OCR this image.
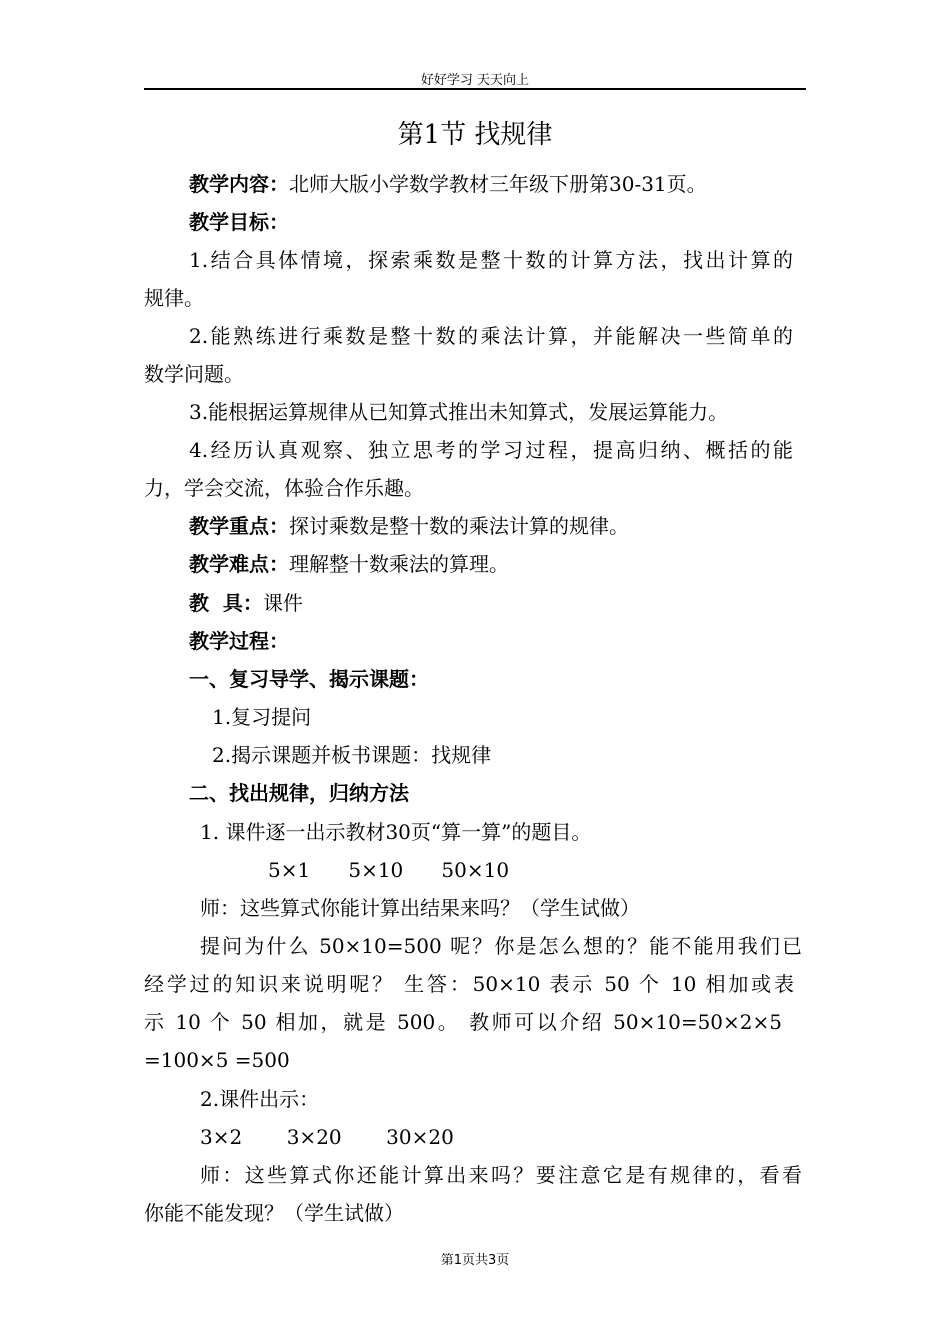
好好学习 天天向上
第1节 找规律
教学内容：北师大版小学数学教材三年级下册第30-31页。
教学目标：
1.结合具体情境，探索乘数是整十数的计算方法，找出计算的
规律。
2.能熟练进行乘数是整十数的乘法计算，并能解决一些简单的
数学问题。
3.能根据运算规律从已知算式推出未知算式，发展运算能力。
4.经历认真观察、独立思考的学习过程，提高归纳、概括的能
力，学会交流，体验合作乐趣。
教学重点：探讨乘数是整十数的乘法计算的规律。
教学难点：理解整十数乘法的算理。
教  具：课件
教学过程：
一、复习导学、揭示课题：
1.复习提问
2.揭示课题并板书课题：找规律
二、找出规律，归纳方法
1. 课件逐一出示教材30页“算一算”的题目。
5×1      5×10      50×10
师：这些算式你能计算出结果来吗？（学生试做）
提问为什么 50×10=500 呢？你是怎么想的？能不能用我们已
经学过的知识来说明呢？ 生答：50×10 表示 50 个 10 相加或表
示 10 个 50 相加，就是 500。 教师可以介绍 50×10=50×2×5
=100×5 =500
2.课件出示：
3×2       3×20       30×20
师：这些算式你还能计算出来吗？要注意它是有规律的，看看
你能不能发现？（学生试做）
第1页共3页
